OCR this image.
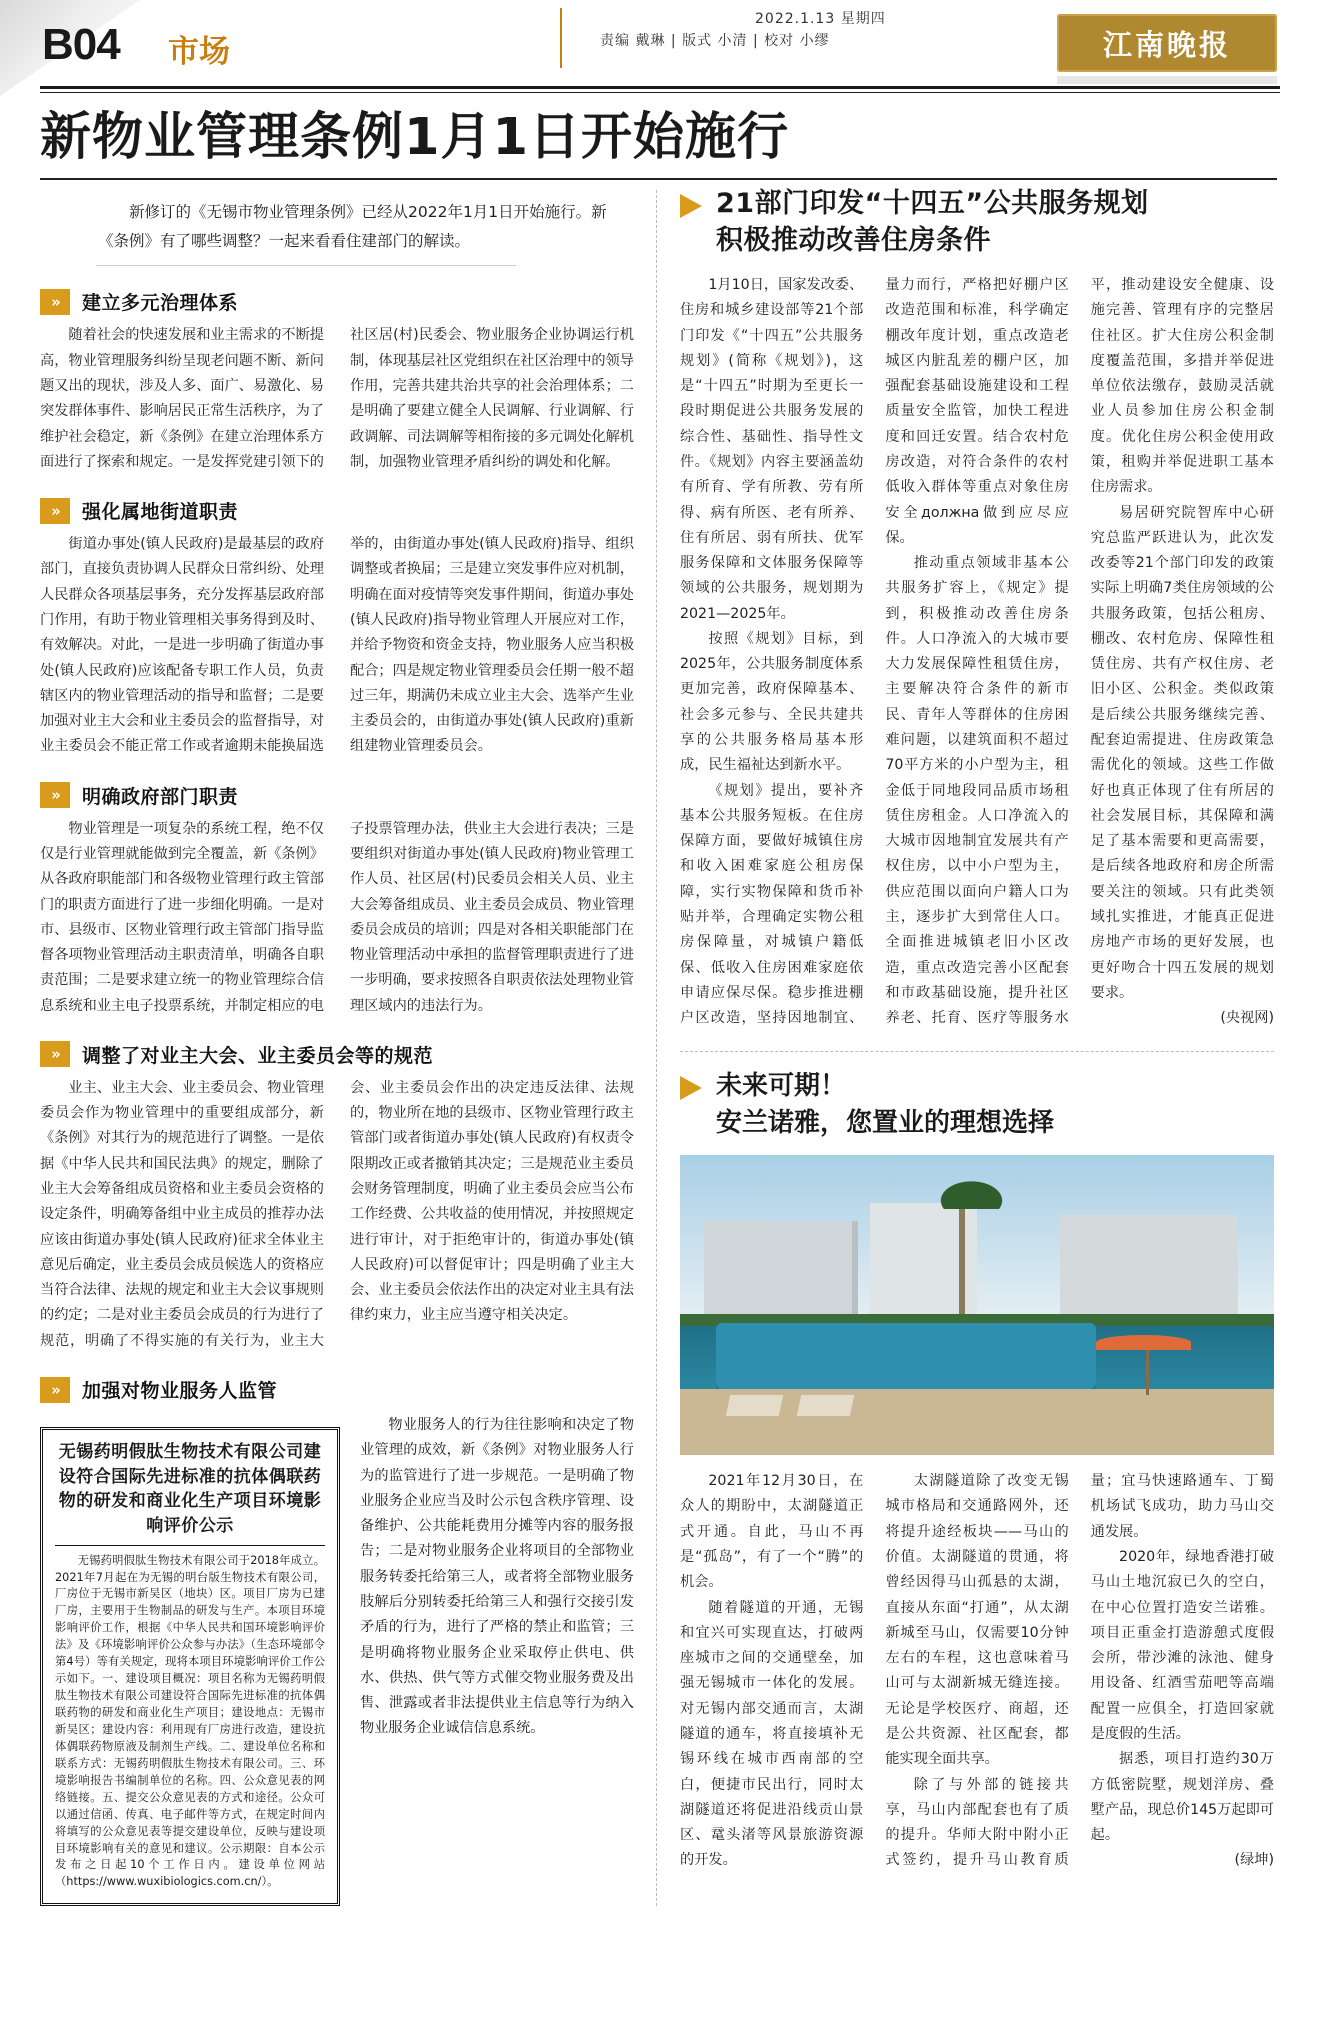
B04 市场
2022.1.13 星期四
责编 戴琳 | 版式 小清 | 校对 小缪	江南晚报
新物业管理条例1月1日开始施行
新修订的《无锡市物业管理条例》已经从2022年1月1日开始施行。新《条例》有了哪些调整？一起来看看住建部门的解读。
»	建立多元治理体系

随着社会的快速发展和业主需求的不断提高，物业管理服务纠纷呈现老问题不断、新问题又出的现状，涉及人多、面广、易激化、易突发群体事件、影响居民正常生活秩序，为了维护社会稳定，新《条例》在建立治理体系方面进行了探索和规定。一是发挥党建引领下的社区居(村)民委会、物业服务企业协调运行机制，体现基层社区党组织在社区治理中的领导作用，完善共建共治共享的社会治理体系；二是明确了要建立健全人民调解、行业调解、行政调解、司法调解等相衔接的多元调处化解机制，加强物业管理矛盾纠纷的调处和化解。

»	强化属地街道职责

街道办事处(镇人民政府)是最基层的政府部门，直接负责协调人民群众日常纠纷、处理人民群众各项基层事务，充分发挥基层政府部门作用，有助于物业管理相关事务得到及时、有效解决。对此，一是进一步明确了街道办事处(镇人民政府)应该配备专职工作人员，负责辖区内的物业管理活动的指导和监督；二是要加强对业主大会和业主委员会的监督指导，对业主委员会不能正常工作或者逾期未能换届选举的，由街道办事处(镇人民政府)指导、组织调整或者换届；三是建立突发事件应对机制，明确在面对疫情等突发事件期间，街道办事处(镇人民政府)指导物业管理人开展应对工作，并给予物资和资金支持，物业服务人应当积极配合；四是规定物业管理委员会任期一般不超过三年，期满仍未成立业主大会、选举产生业主委员会的，由街道办事处(镇人民政府)重新组建物业管理委员会。

»	明确政府部门职责

物业管理是一项复杂的系统工程，绝不仅仅是行业管理就能做到完全覆盖，新《条例》从各政府职能部门和各级物业管理行政主管部门的职责方面进行了进一步细化明确。一是对市、县级市、区物业管理行政主管部门指导监督各项物业管理活动主职责清单，明确各自职责范围；二是要求建立统一的物业管理综合信息系统和业主电子投票系统，并制定相应的电子投票管理办法，供业主大会进行表决；三是要组织对街道办事处(镇人民政府)物业管理工作人员、社区居(村)民委员会相关人员、业主大会筹备组成员、业主委员会成员、物业管理委员会成员的培训；四是对各相关职能部门在物业管理活动中承担的监督管理职责进行了进一步明确，要求按照各自职责依法处理物业管理区域内的违法行为。

»	调整了对业主大会、业主委员会等的规范

业主、业主大会、业主委员会、物业管理委员会作为物业管理中的重要组成部分，新《条例》对其行为的规范进行了调整。一是依据《中华人民共和国民法典》的规定，删除了业主大会筹备组成员资格和业主委员会资格的设定条件，明确筹备组中业主成员的推荐办法应该由街道办事处(镇人民政府)征求全体业主意见后确定，业主委员会成员候选人的资格应当符合法律、法规的规定和业主大会议事规则的约定；二是对业主委员会成员的行为进行了规范，明确了不得实施的有关行为，业主大会、业主委员会作出的决定违反法律、法规的，物业所在地的县级市、区物业管理行政主管部门或者街道办事处(镇人民政府)有权责令限期改正或者撤销其决定；三是规范业主委员会财务管理制度，明确了业主委员会应当公布工作经费、公共收益的使用情况，并按照规定进行审计，对于拒绝审计的，街道办事处(镇人民政府)可以督促审计；四是明确了业主大会、业主委员会依法作出的决定对业主具有法律约束力，业主应当遵守相关决定。

»	加强对物业服务人监管
无锡药明假肽生物技术有限公司建设符合国际先进标准的抗体偶联药物的研发和商业化生产项目环境影响评价公示

无锡药明假肽生物技术有限公司于2018年成立。2021年7月起在为无锡的明台版生物技术有限公司，厂房位于无锡市新吴区（地块）区。项目厂房为已建厂房，主要用于生物制品的研发与生产。本项目环境影响评价工作，根据《中华人民共和国环境影响评价法》及《环境影响评价公众参与办法》（生态环境部令第4号）等有关规定，现将本项目环境影响评价工作公示如下。一、建设项目概况：项目名称为无锡药明假肽生物技术有限公司建设符合国际先进标准的抗体偶联药物的研发和商业化生产项目；建设地点：无锡市新吴区；建设内容：利用现有厂房进行改造，建设抗体偶联药物原液及制剂生产线。二、建设单位名称和联系方式：无锡药明假肽生物技术有限公司。三、环境影响报告书编制单位的名称。四、公众意见表的网络链接。五、提交公众意见表的方式和途径。公众可以通过信函、传真、电子邮件等方式，在规定时间内将填写的公众意见表等提交建设单位，反映与建设项目环境影响有关的意见和建议。公示期限：自本公示发布之日起10个工作日内。建设单位网站（https://www.wuxibiologics.com.cn/）。

物业服务人的行为往往影响和决定了物业管理的成效，新《条例》对物业服务人行为的监管进行了进一步规范。一是明确了物业服务企业应当及时公示包含秩序管理、设备维护、公共能耗费用分摊等内容的服务报告；二是对物业服务企业将项目的全部物业服务转委托给第三人，或者将全部物业服务肢解后分别转委托给第三人和强行交接引发矛盾的行为，进行了严格的禁止和监管；三是明确将物业服务企业采取停止供电、供水、供热、供气等方式催交物业服务费及出售、泄露或者非法提供业主信息等行为纳入物业服务企业诚信信息系统。

21部门印发“十四五”公共服务规划
积极推动改善住房条件

1月10日，国家发改委、住房和城乡建设部等21个部门印发《“十四五”公共服务规划》(简称《规划》)，这是“十四五”时期为至更长一段时期促进公共服务发展的综合性、基础性、指导性文件。《规划》内容主要涵盖幼有所育、学有所教、劳有所得、病有所医、老有所养、住有所居、弱有所扶、优军服务保障和文体服务保障等领域的公共服务，规划期为2021—2025年。

按照《规划》目标，到2025年，公共服务制度体系更加完善，政府保障基本、社会多元参与、全民共建共享的公共服务格局基本形成，民生福祉达到新水平。

《规划》提出，要补齐基本公共服务短板。在住房保障方面，要做好城镇住房和收入困难家庭公租房保障，实行实物保障和货币补贴并举，合理确定实物公租房保障量，对城镇户籍低保、低收入住房困难家庭依申请应保尽保。稳步推进棚户区改造，坚持因地制宜、量力而行，严格把好棚户区改造范围和标准，科学确定棚改年度计划，重点改造老城区内脏乱差的棚户区，加强配套基础设施建设和工程质量安全监管，加快工程进度和回迁安置。结合农村危房改造，对符合条件的农村低收入群体等重点对象住房安全должна做到应尽应保。

推动重点领域非基本公共服务扩容上，《规定》提到，积极推动改善住房条件。人口净流入的大城市要大力发展保障性租赁住房，主要解决符合条件的新市民、青年人等群体的住房困难问题，以建筑面积不超过70平方米的小户型为主，租金低于同地段同品质市场租赁住房租金。人口净流入的大城市因地制宜发展共有产权住房，以中小户型为主，供应范围以面向户籍人口为主，逐步扩大到常住人口。全面推进城镇老旧小区改造，重点改造完善小区配套和市政基础设施，提升社区养老、托育、医疗等服务水平，推动建设安全健康、设施完善、管理有序的完整居住社区。扩大住房公积金制度覆盖范围，多措并举促进单位依法缴存，鼓励灵活就业人员参加住房公积金制度。优化住房公积金使用政策，租购并举促进职工基本住房需求。

易居研究院智库中心研究总监严跃进认为，此次发改委等21个部门印发的政策实际上明确7类住房领域的公共服务政策，包括公租房、棚改、农村危房、保障性租赁住房、共有产权住房、老旧小区、公积金。类似政策是后续公共服务继续完善、配套迫需提进、住房政策急需优化的领域。这些工作做好也真正体现了住有所居的社会发展目标，其保障和满足了基本需要和更高需要，是后续各地政府和房企所需要关注的领域。只有此类领域扎实推进，才能真正促进房地产市场的更好发展，也更好吻合十四五发展的规划要求。

(央视网)

未来可期！
安兰诺雅，您置业的理想选择

2021年12月30日，在众人的期盼中，太湖隧道正式开通。自此，马山不再是“孤岛”，有了一个“腾”的机会。

随着隧道的开通，无锡和宜兴可实现直达，打破两座城市之间的交通壁垒，加强无锡城市一体化的发展。对无锡内部交通而言，太湖隧道的通车，将直接填补无锡环线在城市西南部的空白，便捷市民出行，同时太湖隧道还将促进沿线贡山景区、鼋头渚等风景旅游资源的开发。

太湖隧道除了改变无锡城市格局和交通路网外，还将提升途经板块——马山的价值。太湖隧道的贯通，将曾经因得马山孤悬的太湖，直接从东面“打通”，从太湖新城至马山，仅需要10分钟左右的车程，这也意味着马山可与太湖新城无缝连接。无论是学校医疗、商超，还是公共资源、社区配套，都能实现全面共享。

除了与外部的链接共享，马山内部配套也有了质的提升。华师大附中附小正式签约，提升马山教育质量；宜马快速路通车、丁蜀机场试飞成功，助力马山交通发展。

2020年，绿地香港打破马山土地沉寂已久的空白，在中心位置打造安兰诺雅。项目正重金打造游憩式度假会所，带沙滩的泳池、健身用设备、红酒雪茄吧等高端配置一应俱全，打造回家就是度假的生活。

据悉，项目打造约30万方低密院墅，规划洋房、叠墅产品，现总价145万起即可起。

(绿坤)
